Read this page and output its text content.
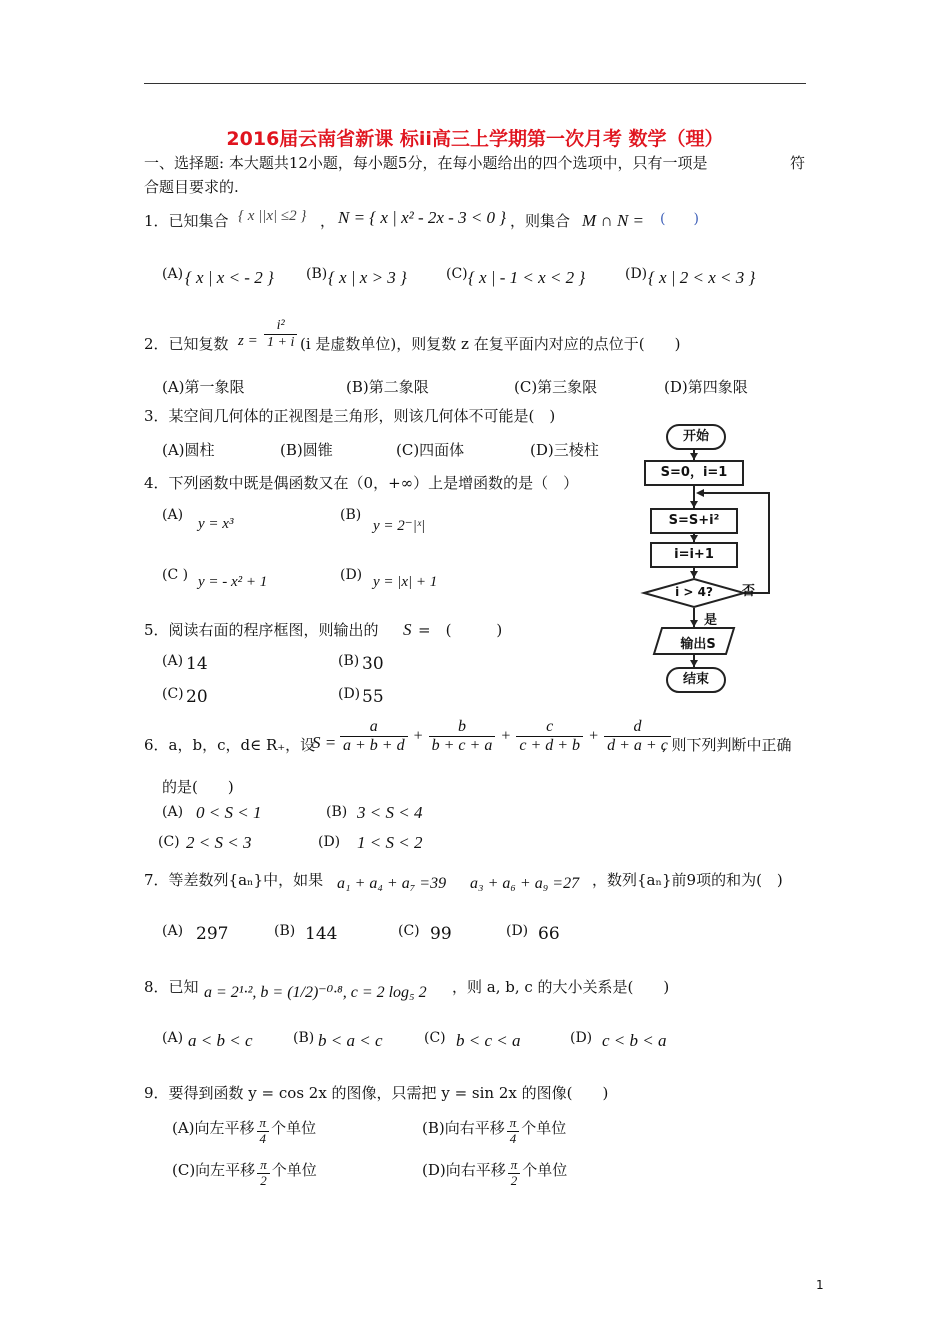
2016届云南省新课 标ii高三上学期第一次月考 数学（理）
一、选择题: 本大题共12小题，每小题5分，在每小题给出的四个选项中，只有一项是	符
合题目要求的.
1．已知集合 { x ||x| ≤2 } ， N = { x | x² - 2x - 3 < 0 } ，则集合 M ∩ N = (　　)
(A) { x | x < - 2 } (B) { x | x > 3 }	(C) { x | - 1 < x < 2 }	(D) { x | 2 < x < 3 }
2．已知复数 $z = \frac{\text{i²}}{1 + i} (i$ 是虚数单位)，则复数 z 在复平面内对应的点位于(　　)
(A)第一象限	(B)第二象限	(C)第三象限	(D)第四象限
3．某空间几何体的正视图是三角形，则该几何体不可能是(　)
(A)圆柱	(B)圆锥	(C)四面体	(D)三棱柱
4．下列函数中既是偶函数又在（0，+∞）上是增函数的是（　）
(A)
y = x³
(B)
y = 2⁻|ˣ|
(C ) y = - x² + 1	(D) y = |x| + 1
5．阅读右面的程序框图，则输出的 S =　(　　　)
(A) 14	(B) 30
(C) 20	(D) 55
开始
S=0，i=1
S=S+i²
i=i+1
i > 4? 否
是
输出S
结束
6．a，b，c，d∈ R₊，设
$S = \frac{a}{a + b + d} + \frac{b}{b + c + a} + \frac{c}{c + d + b} + \frac{d}{d + a + c}$
, 则下列判断中正确
的是(　　)
(A) 0 < S < 1	(B) 3 < S < 4
(C) 2 < S < 3	(D) 1 < S < 2
7．等差数列{aₙ}中，如果 a₁ + a₄ + a₇ =39 a₃ + a₆ + a₉ =27 ，数列{aₙ}前9项的和为(　)
(A) 297	(B) 144	(C) 99	(D) 66
8．已知 a = 2¹·², b = (1/2)⁻⁰·⁸, c = 2 log₅ 2 ，则 a, b, c 的大小关系是(　　)
(A) a < b < c	(B) b < a < c	(C) b < c < a	(D) c < b < a
9．要得到函数 y = cos 2x 的图像，只需把 y = sin 2x 的图像(　　)
(A)向左平移 $\frac{\pi}{4}$ 个单位	(B)向右平移 $\frac{\pi}{4}$ 个单位
(C)向左平移 $\frac{\pi}{2}$ 个单位	(D)向右平移 $\frac{\pi}{2}$ 个单位
1
